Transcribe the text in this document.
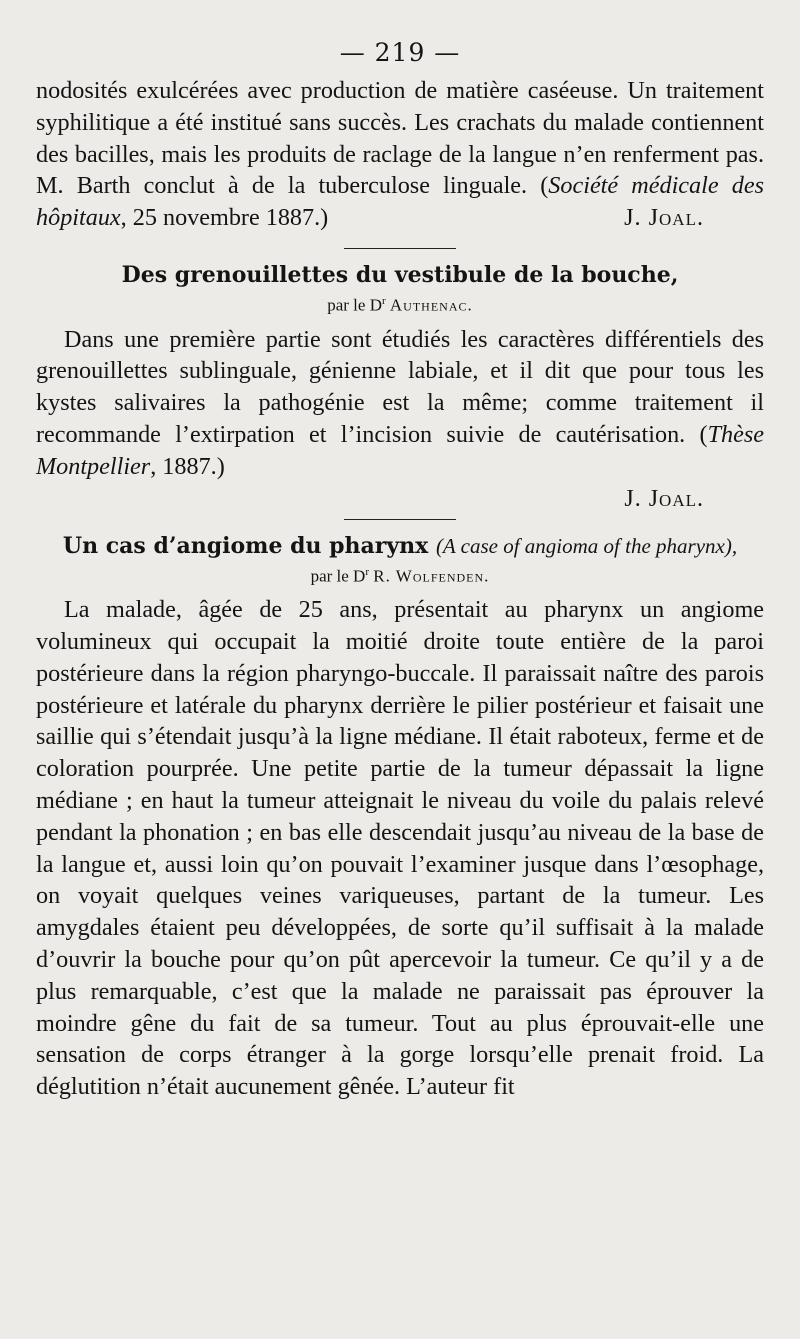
— 219 —

nodosités exulcérées avec production de matière caséeuse. Un traitement syphilitique a été institué sans succès. Les crachats du malade contiennent des bacilles, mais les produits de raclage de la langue n’en renferment pas. M. Barth conclut à de la tuberculose linguale. (Société médicale des hôpitaux, 25 novembre 1887.)	J. Joal.

Des grenouillettes du vestibule de la bouche,
par le $D^r$ Authenac.

Dans une première partie sont étudiés les caractères différentiels des grenouillettes sublinguale, génienne labiale, et il dit que pour tous les kystes salivaires la pathogénie est la même; comme traitement il recommande l’extirpation et l’incision suivie de cautérisation. (Thèse Montpellier, 1887.)

J. Joal.
Un cas d’angiome du pharynx (A case of angioma of the pharynx),
par le $D^r$ R. Wolfenden.

La malade, âgée de 25 ans, présentait au pharynx un angiome volumineux qui occupait la moitié droite toute entière de la paroi postérieure dans la région pharyngo-buccale. Il paraissait naître des parois postérieure et latérale du pharynx derrière le pilier postérieur et faisait une saillie qui s’étendait jusqu’à la ligne médiane. Il était raboteux, ferme et de coloration pourprée. Une petite partie de la tumeur dépassait la ligne médiane ; en haut la tumeur atteignait le niveau du voile du palais relevé pendant la phonation ; en bas elle descendait jusqu’au niveau de la base de la langue et, aussi loin qu’on pouvait l’examiner jusque dans l’œsophage, on voyait quelques veines variqueuses, partant de la tumeur. Les amygdales étaient peu développées, de sorte qu’il suffisait à la malade d’ouvrir la bouche pour qu’on pût apercevoir la tumeur. Ce qu’il y a de plus remarquable, c’est que la malade ne paraissait pas éprouver la moindre gêne du fait de sa tumeur. Tout au plus éprouvait-elle une sensation de corps étranger à la gorge lorsqu’elle prenait froid. La déglutition n’était aucunement gênée. L’auteur fit
